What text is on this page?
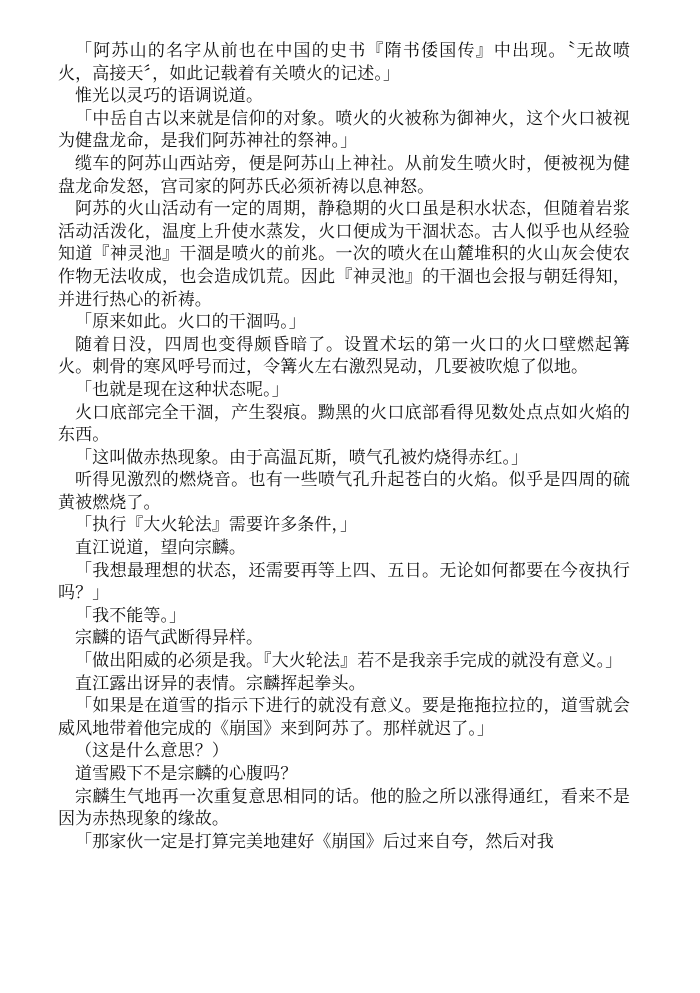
「阿苏山的名字从前也在中国的史书『隋书倭国传』中出现。〝无故喷火，高接天〞，如此记载着有关喷火的记述。」

惟光以灵巧的语调说道。

「中岳自古以来就是信仰的对象。喷火的火被称为御神火，这个火口被视为健盘龙命，是我们阿苏神社的祭神。」

缆车的阿苏山西站旁，便是阿苏山上神社。从前发生喷火时，便被视为健盘龙命发怒，宫司家的阿苏氏必须祈祷以息神怒。

阿苏的火山活动有一定的周期，静稳期的火口虽是积水状态，但随着岩浆活动活泼化，温度上升使水蒸发，火口便成为干涸状态。古人似乎也从经验知道『神灵池』干涸是喷火的前兆。一次的喷火在山麓堆积的火山灰会使农作物无法收成，也会造成饥荒。因此『神灵池』的干涸也会报与朝廷得知，并进行热心的祈祷。

「原来如此。火口的干涸吗。」

随着日没，四周也变得颇昏暗了。设置术坛的第一火口的火口壁燃起篝火。刺骨的寒风呼号而过，令篝火左右激烈晃动，几要被吹熄了似地。

「也就是现在这种状态呢。」

火口底部完全干涸，产生裂痕。黝黑的火口底部看得见数处点点如火焰的东西。

「这叫做赤热现象。由于高温瓦斯，喷气孔被灼烧得赤红。」

听得见激烈的燃烧音。也有一些喷气孔升起苍白的火焰。似乎是四周的硫黄被燃烧了。

「执行『大火轮法』需要许多条件，」

直江说道，望向宗麟。

「我想最理想的状态，还需要再等上四、五日。无论如何都要在今夜执行吗？」

「我不能等。」

宗麟的语气武断得异样。

「做出阳威的必须是我。『大火轮法』若不是我亲手完成的就没有意义。」

直江露出讶异的表情。宗麟挥起拳头。

「如果是在道雪的指示下进行的就没有意义。要是拖拖拉拉的，道雪就会威风地带着他完成的《崩国》来到阿苏了。那样就迟了。」

（这是什么意思？）

道雪殿下不是宗麟的心腹吗？

宗麟生气地再一次重复意思相同的话。他的脸之所以涨得通红，看来不是因为赤热现象的缘故。

「那家伙一定是打算完美地建好《崩国》后过来自夸，然后对我
